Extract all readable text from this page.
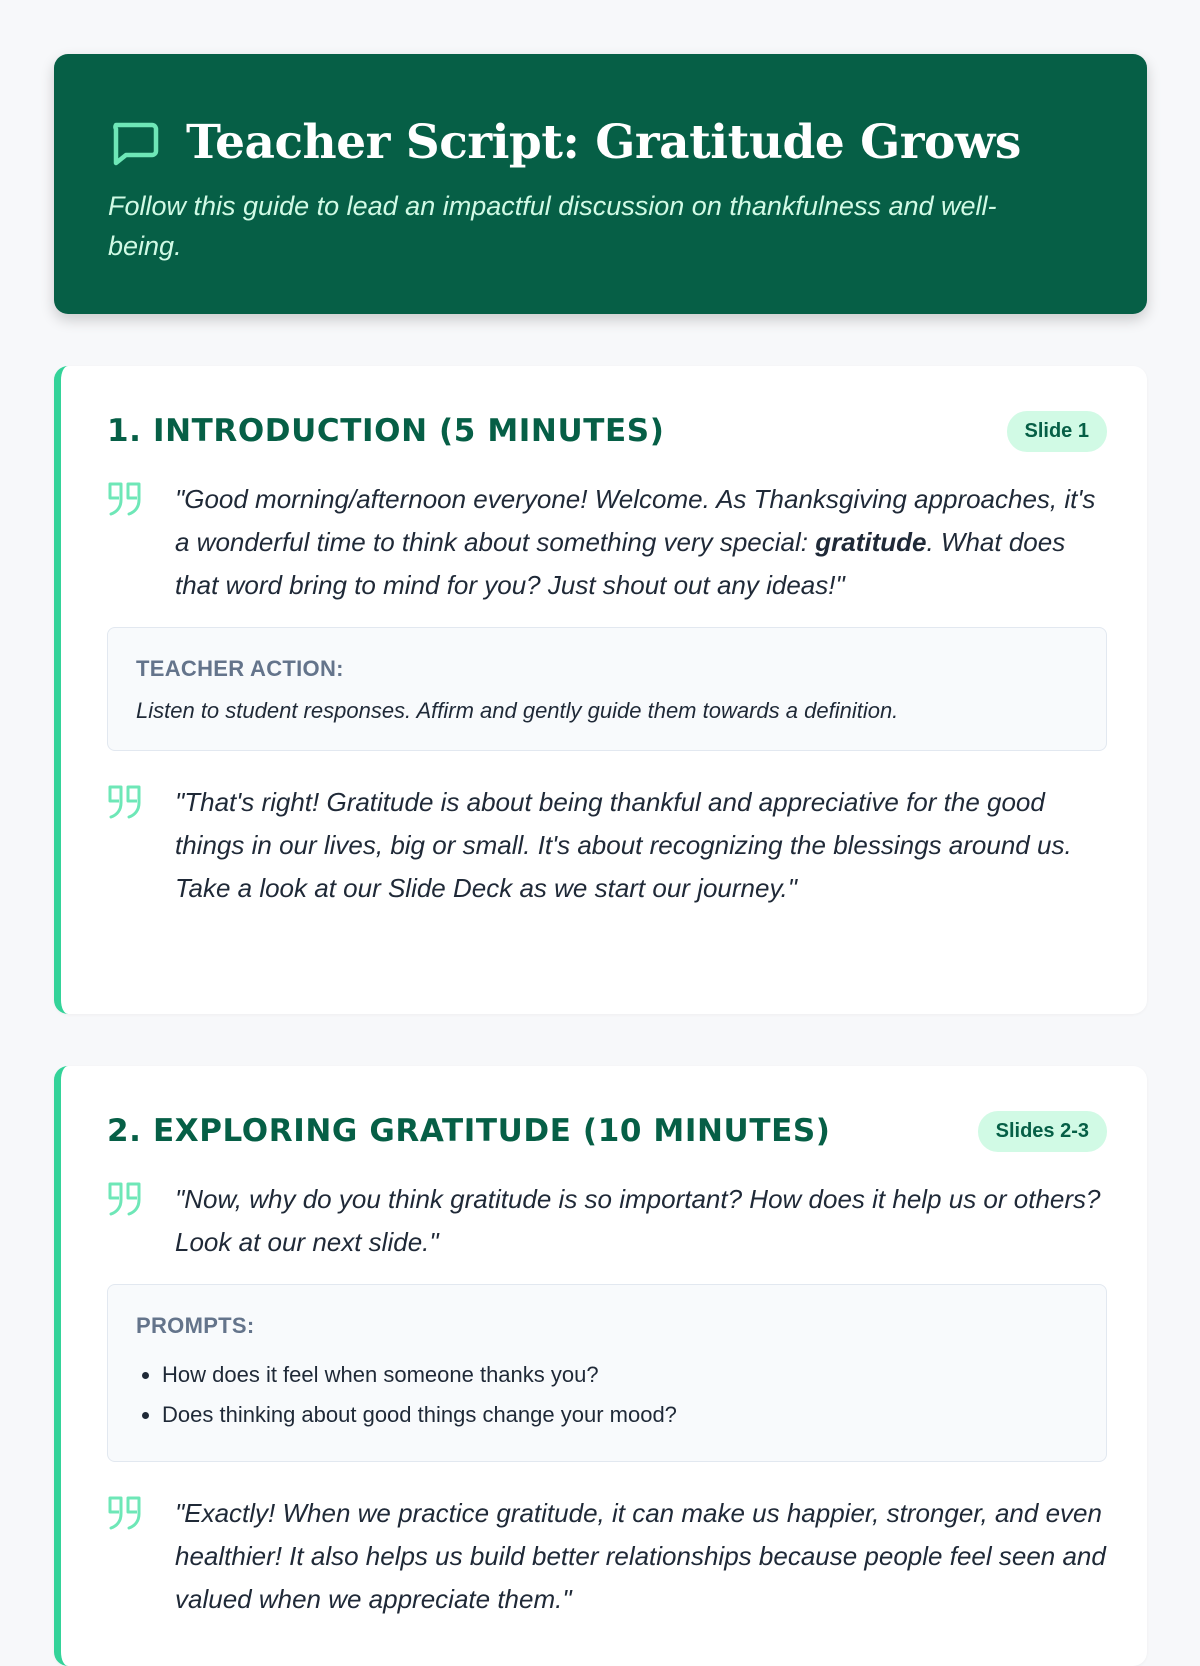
Teacher Script: Gratitude Grows
Follow this guide to lead an impactful discussion on thankfulness and well-being.
1. INTRODUCTION (5 MINUTES)	Slide 1

"Good morning/afternoon everyone! Welcome. As Thanksgiving approaches, it's a wonderful time to think about something very special: gratitude. What does that word bring to mind for you? Just shout out any ideas!"

TEACHER ACTION:
Listen to student responses. Affirm and gently guide them towards a definition.

"That's right! Gratitude is about being thankful and appreciative for the good things in our lives, big or small. It's about recognizing the blessings around us. Take a look at our Slide Deck as we start our journey."

2. EXPLORING GRATITUDE (10 MINUTES)	Slides 2-3

"Now, why do you think gratitude is so important? How does it help us or others? Look at our next slide."

PROMPTS:
• How does it feel when someone thanks you?
• Does thinking about good things change your mood?

"Exactly! When we practice gratitude, it can make us happier, stronger, and even healthier! It also helps us build better relationships because people feel seen and valued when we appreciate them."
